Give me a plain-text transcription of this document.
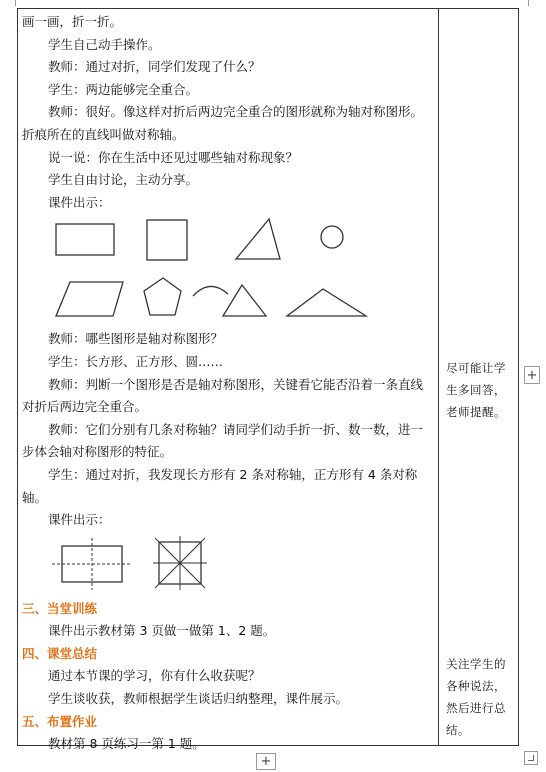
画一画，折一折。
学生自己动手操作。
教师：通过对折，同学们发现了什么？
学生：两边能够完全重合。
教师：很好。像这样对折后两边完全重合的图形就称为轴对称图形。折痕所在的直线叫做对称轴。
说一说：你在生活中还见过哪些轴对称现象？
学生自由讨论，主动分享。
课件出示：
教师：哪些图形是轴对称图形？
学生：长方形、正方形、圆……
教师：判断一个图形是否是轴对称图形，关键看它能否沿着一条直线对折后两边完全重合。
教师：它们分别有几条对称轴？请同学们动手折一折、数一数，进一步体会轴对称图形的特征。
学生：通过对折，我发现长方形有 2 条对称轴，正方形有 4 条对称轴。
课件出示：
三、当堂训练
课件出示教材第 3 页做一做第 1、2 题。
四、课堂总结
通过本节课的学习，你有什么收获呢？
学生谈收获，教师根据学生谈话归纳整理，课件展示。
五、布置作业
教材第 8 页练习一第 1 题。
尽可能让学生多回答，老师提醒。
关注学生的各种说法，然后进行总结。
+
+
